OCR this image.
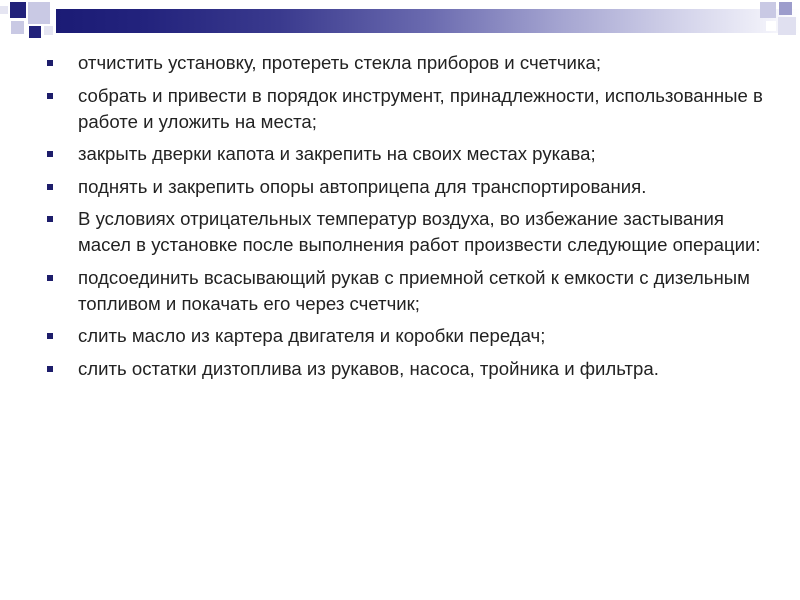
отчистить установку, протереть стекла приборов и счетчика;
собрать и привести в порядок инструмент, принадлежности, использованные в работе и уложить на места;
закрыть дверки капота и закрепить на своих местах рукава;
поднять и закрепить опоры автоприцепа для транспортирования.
В условиях отрицательных температур воздуха, во избежание застывания масел в установке после выполнения работ произвести следующие операции:
подсоединить всасывающий рукав с приемной сеткой к емкости с дизельным топливом и покачать его через счетчик;
слить масло из картера двигателя и коробки передач;
слить остатки дизтоплива из рукавов, насоса, тройника и фильтра.
